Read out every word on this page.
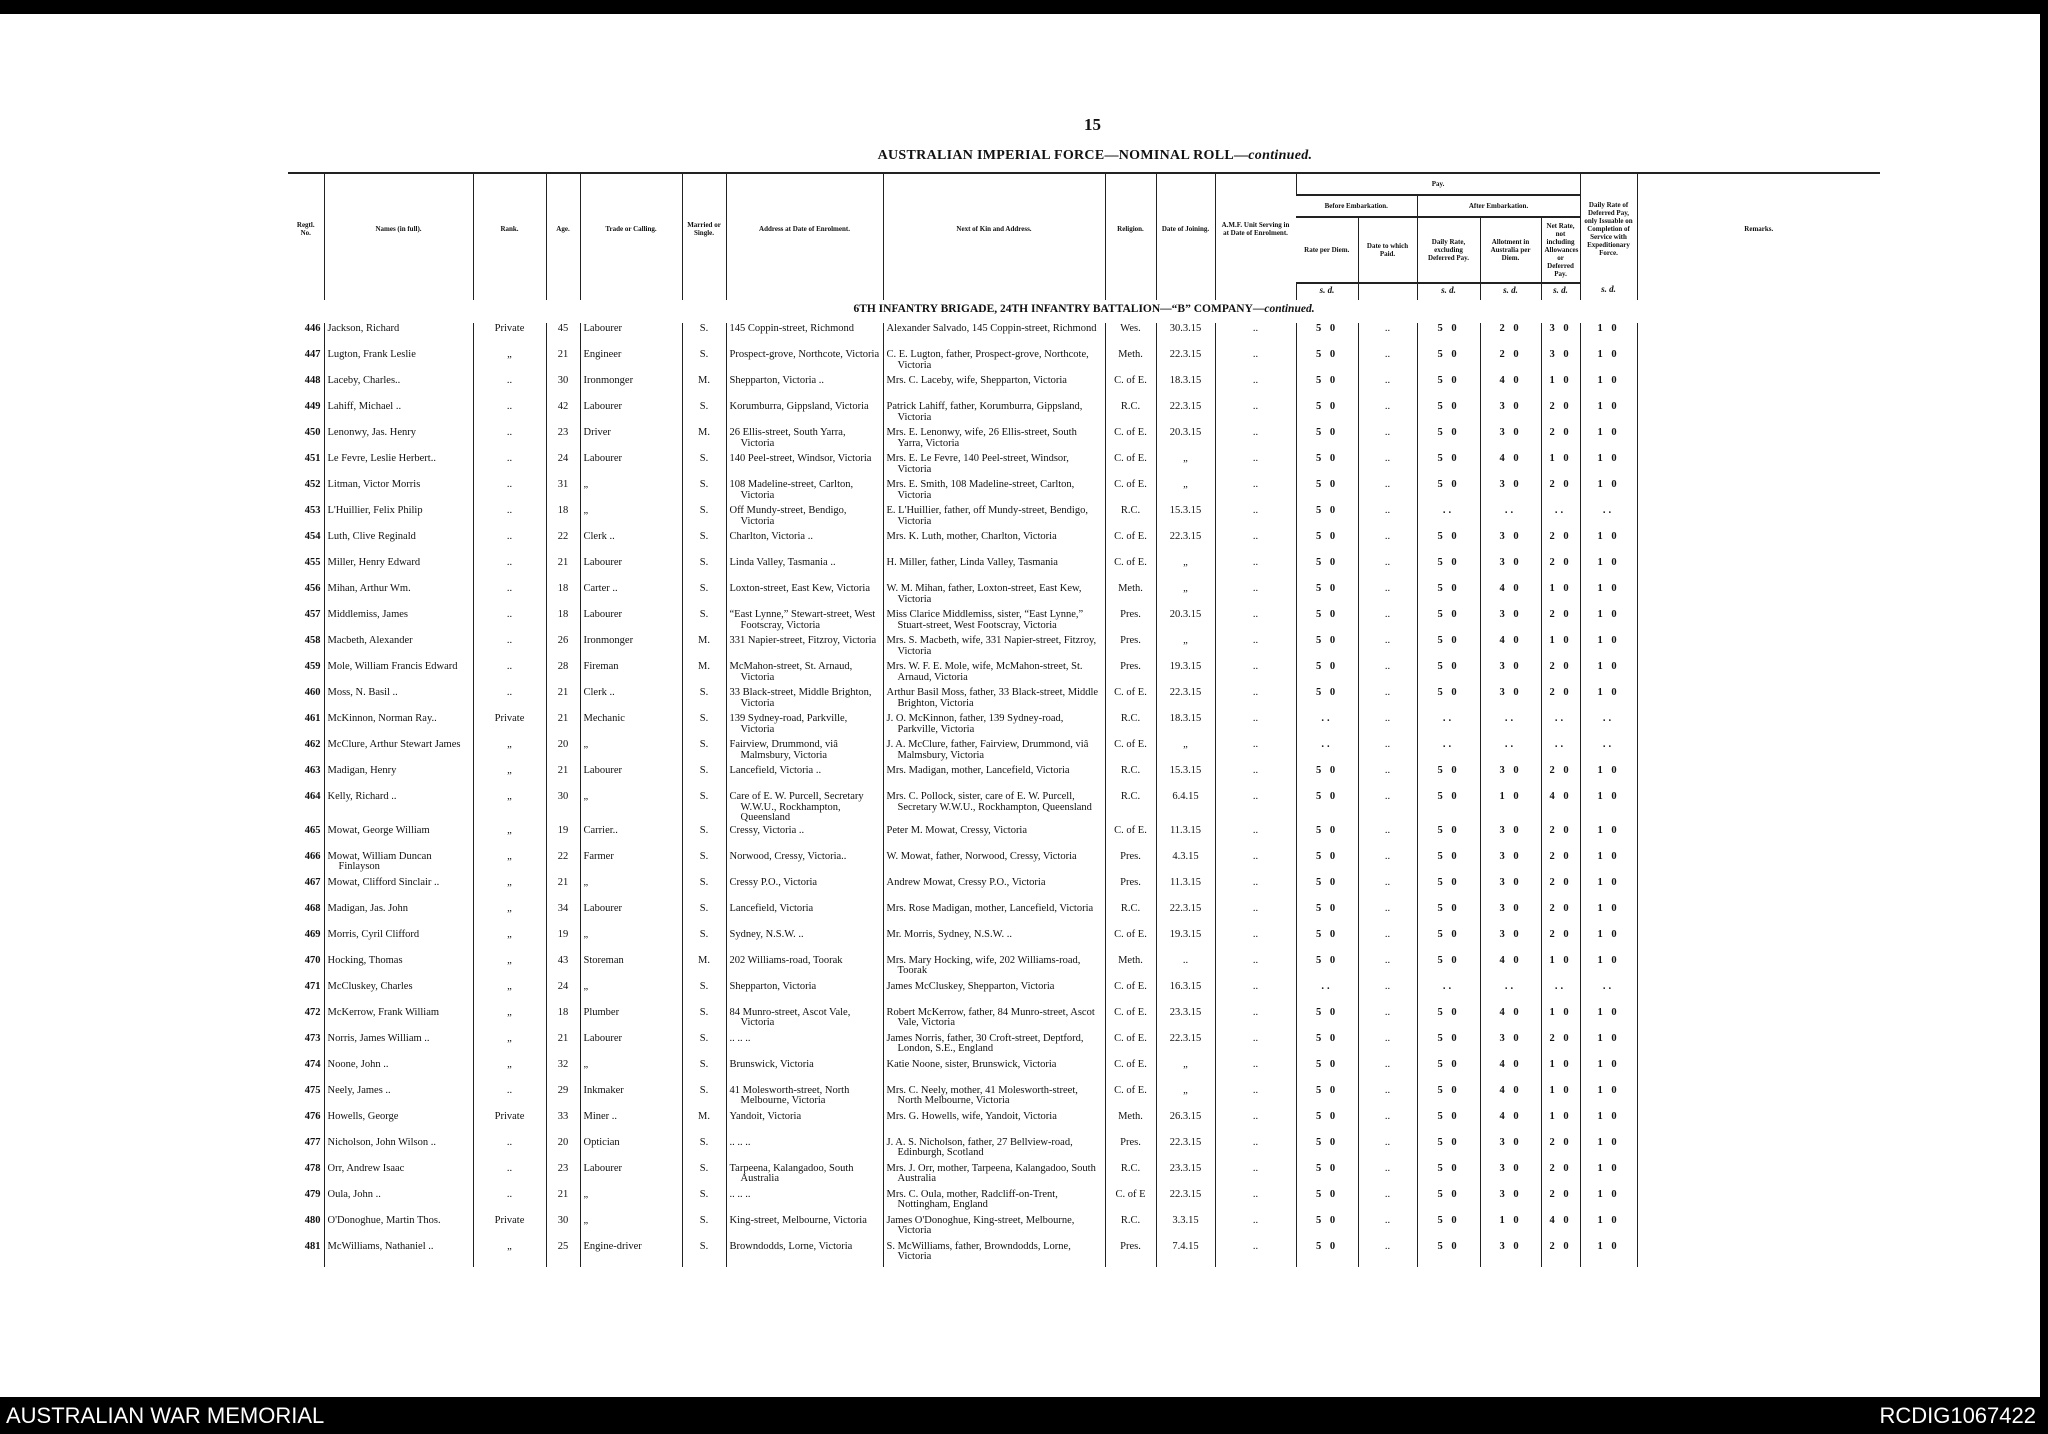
15
AUSTRALIAN IMPERIAL FORCE—NOMINAL ROLL—continued.
Regtl. No.	Names (in full).	Rank.	Age.	Trade or Calling.	Married or Single.	Address at Date of Enrolment.	Next of Kin and Address.	Religion.	Date of Joining.	A.M.F. Unit Serving in at Date of Enrolment.	Pay.					Daily Rate of Deferred Pay, only Issuable on Completion of Service with Expeditionary Force.	Remarks.
											Before Embarkation.		After Embarkation.				
											Rate per Diem.	Date to which Paid.	Daily Rate, excluding Deferred Pay.	Allotment in Australia per Diem.	Net Rate, not including Allowances or Deferred Pay.		
											s. d.		s. d.	s. d.	s. d.	s. d.	
6TH INFANTRY BRIGADE, 24TH INFANTRY BATTALION—“B” COMPANY—continued.																	
446	Jackson, Richard	Private	45	Labourer	S.	145 Coppin-street, Richmond	Alexander Salvado, 145 Coppin-street, Richmond	Wes.	30.3.15	..	5 0	..	5 0	2 0	3 0	1 0	
447	Lugton, Frank Leslie	„	21	Engineer	S.	Prospect-grove, Northcote, Victoria	C. E. Lugton, father, Prospect-grove, Northcote, Victoria	Meth.	22.3.15	..	5 0	..	5 0	2 0	3 0	1 0	
448	Laceby, Charles..	..	30	Ironmonger	M.	Shepparton, Victoria ..	Mrs. C. Laceby, wife, Shepparton, Victoria	C. of E.	18.3.15	..	5 0	..	5 0	4 0	1 0	1 0	
449	Lahiff, Michael ..	..	42	Labourer	S.	Korumburra, Gippsland, Victoria	Patrick Lahiff, father, Korumburra, Gippsland, Victoria	R.C.	22.3.15	..	5 0	..	5 0	3 0	2 0	1 0	
450	Lenonwy, Jas. Henry	..	23	Driver	M.	26 Ellis-street, South Yarra, Victoria	Mrs. E. Lenonwy, wife, 26 Ellis-street, South Yarra, Victoria	C. of E.	20.3.15	..	5 0	..	5 0	3 0	2 0	1 0	
451	Le Fevre, Leslie Herbert..	..	24	Labourer	S.	140 Peel-street, Windsor, Victoria	Mrs. E. Le Fevre, 140 Peel-street, Windsor, Victoria	C. of E.	„	..	5 0	..	5 0	4 0	1 0	1 0	
452	Litman, Victor Morris	..	31	„	S.	108 Madeline-street, Carlton, Victoria	Mrs. E. Smith, 108 Madeline-street, Carlton, Victoria	C. of E.	„	..	5 0	..	5 0	3 0	2 0	1 0	
453	L'Huillier, Felix Philip	..	18	„	S.	Off Mundy-street, Bendigo, Victoria	E. L'Huillier, father, off Mundy-street, Bendigo, Victoria	R.C.	15.3.15	..	5 0	..	..	..	..	..	
454	Luth, Clive Reginald	..	22	Clerk ..	S.	Charlton, Victoria ..	Mrs. K. Luth, mother, Charlton, Victoria	C. of E.	22.3.15	..	5 0	..	5 0	3 0	2 0	1 0	
455	Miller, Henry Edward	..	21	Labourer	S.	Linda Valley, Tasmania ..	H. Miller, father, Linda Valley, Tasmania	C. of E.	„	..	5 0	..	5 0	3 0	2 0	1 0	
456	Mihan, Arthur Wm.	..	18	Carter ..	S.	Loxton-street, East Kew, Victoria	W. M. Mihan, father, Loxton-street, East Kew, Victoria	Meth.	„	..	5 0	..	5 0	4 0	1 0	1 0	
457	Middlemiss, James	..	18	Labourer	S.	“East Lynne,” Stewart-street, West Footscray, Victoria	Miss Clarice Middlemiss, sister, “East Lynne,” Stuart-street, West Footscray, Victoria	Pres.	20.3.15	..	5 0	..	5 0	3 0	2 0	1 0	
458	Macbeth, Alexander	..	26	Ironmonger	M.	331 Napier-street, Fitzroy, Victoria	Mrs. S. Macbeth, wife, 331 Napier-street, Fitzroy, Victoria	Pres.	„	..	5 0	..	5 0	4 0	1 0	1 0	
459	Mole, William Francis Edward	..	28	Fireman	M.	McMahon-street, St. Arnaud, Victoria	Mrs. W. F. E. Mole, wife, McMahon-street, St. Arnaud, Victoria	Pres.	19.3.15	..	5 0	..	5 0	3 0	2 0	1 0	
460	Moss, N. Basil ..	..	21	Clerk ..	S.	33 Black-street, Middle Brighton, Victoria	Arthur Basil Moss, father, 33 Black-street, Middle Brighton, Victoria	C. of E.	22.3.15	..	5 0	..	5 0	3 0	2 0	1 0	
461	McKinnon, Norman Ray..	Private	21	Mechanic	S.	139 Sydney-road, Parkville, Victoria	J. O. McKinnon, father, 139 Sydney-road, Parkville, Victoria	R.C.	18.3.15	..	..	..	..	..	..	..	
462	McClure, Arthur Stewart James	„	20	„	S.	Fairview, Drummond, viâ Malmsbury, Victoria	J. A. McClure, father, Fairview, Drummond, viâ Malmsbury, Victoria	C. of E.	„	..	..	..	..	..	..	..	
463	Madigan, Henry	„	21	Labourer	S.	Lancefield, Victoria ..	Mrs. Madigan, mother, Lancefield, Victoria	R.C.	15.3.15	..	5 0	..	5 0	3 0	2 0	1 0	
464	Kelly, Richard ..	„	30	„	S.	Care of E. W. Purcell, Secretary W.W.U., Rockhampton, Queensland	Mrs. C. Pollock, sister, care of E. W. Purcell, Secretary W.W.U., Rockhampton, Queensland	R.C.	6.4.15	..	5 0	..	5 0	1 0	4 0	1 0	
465	Mowat, George William	„	19	Carrier..	S.	Cressy, Victoria ..	Peter M. Mowat, Cressy, Victoria	C. of E.	11.3.15	..	5 0	..	5 0	3 0	2 0	1 0	
466	Mowat, William Duncan Finlayson	„	22	Farmer	S.	Norwood, Cressy, Victoria..	W. Mowat, father, Norwood, Cressy, Victoria	Pres.	4.3.15	..	5 0	..	5 0	3 0	2 0	1 0	
467	Mowat, Clifford Sinclair ..	„	21	„	S.	Cressy P.O., Victoria	Andrew Mowat, Cressy P.O., Victoria	Pres.	11.3.15	..	5 0	..	5 0	3 0	2 0	1 0	
468	Madigan, Jas. John	„	34	Labourer	S.	Lancefield, Victoria	Mrs. Rose Madigan, mother, Lancefield, Victoria	R.C.	22.3.15	..	5 0	..	5 0	3 0	2 0	1 0	
469	Morris, Cyril Clifford	„	19	„	S.	Sydney, N.S.W. ..	Mr. Morris, Sydney, N.S.W. ..	C. of E.	19.3.15	..	5 0	..	5 0	3 0	2 0	1 0	
470	Hocking, Thomas	„	43	Storeman	M.	202 Williams-road, Toorak	Mrs. Mary Hocking, wife, 202 Williams-road, Toorak	Meth.	..	..	5 0	..	5 0	4 0	1 0	1 0	
471	McCluskey, Charles	„	24	„	S.	Shepparton, Victoria	James McCluskey, Shepparton, Victoria	C. of E.	16.3.15	..	..	..	..	..	..	..	
472	McKerrow, Frank William	„	18	Plumber	S.	84 Munro-street, Ascot Vale, Victoria	Robert McKerrow, father, 84 Munro-street, Ascot Vale, Victoria	C. of E.	23.3.15	..	5 0	..	5 0	4 0	1 0	1 0	
473	Norris, James William ..	„	21	Labourer	S.	.. .. ..	James Norris, father, 30 Croft-street, Deptford, London, S.E., England	C. of E.	22.3.15	..	5 0	..	5 0	3 0	2 0	1 0	
474	Noone, John ..	„	32	„	S.	Brunswick, Victoria	Katie Noone, sister, Brunswick, Victoria	C. of E.	„	..	5 0	..	5 0	4 0	1 0	1 0	
475	Neely, James ..	..	29	Inkmaker	S.	41 Molesworth-street, North Melbourne, Victoria	Mrs. C. Neely, mother, 41 Molesworth-street, North Melbourne, Victoria	C. of E.	„	..	5 0	..	5 0	4 0	1 0	1 0	
476	Howells, George	Private	33	Miner ..	M.	Yandoit, Victoria	Mrs. G. Howells, wife, Yandoit, Victoria	Meth.	26.3.15	..	5 0	..	5 0	4 0	1 0	1 0	
477	Nicholson, John Wilson ..	..	20	Optician	S.	.. .. ..	J. A. S. Nicholson, father, 27 Bellview-road, Edinburgh, Scotland	Pres.	22.3.15	..	5 0	..	5 0	3 0	2 0	1 0	
478	Orr, Andrew Isaac	..	23	Labourer	S.	Tarpeena, Kalangadoo, South Australia	Mrs. J. Orr, mother, Tarpeena, Kalangadoo, South Australia	R.C.	23.3.15	..	5 0	..	5 0	3 0	2 0	1 0	
479	Oula, John ..	..	21	„	S.	.. .. ..	Mrs. C. Oula, mother, Radcliff-on-Trent, Nottingham, England	C. of E	22.3.15	..	5 0	..	5 0	3 0	2 0	1 0	
480	O'Donoghue, Martin Thos.	Private	30	„	S.	King-street, Melbourne, Victoria	James O'Donoghue, King-street, Melbourne, Victoria	R.C.	3.3.15	..	5 0	..	5 0	1 0	4 0	1 0	
481	McWilliams, Nathaniel ..	„	25	Engine-driver	S.	Browndodds, Lorne, Victoria	S. McWilliams, father, Browndodds, Lorne, Victoria	Pres.	7.4.15	..	5 0	..	5 0	3 0	2 0	1 0	
AUSTRALIAN WAR MEMORIAL	RCDIG1067422
